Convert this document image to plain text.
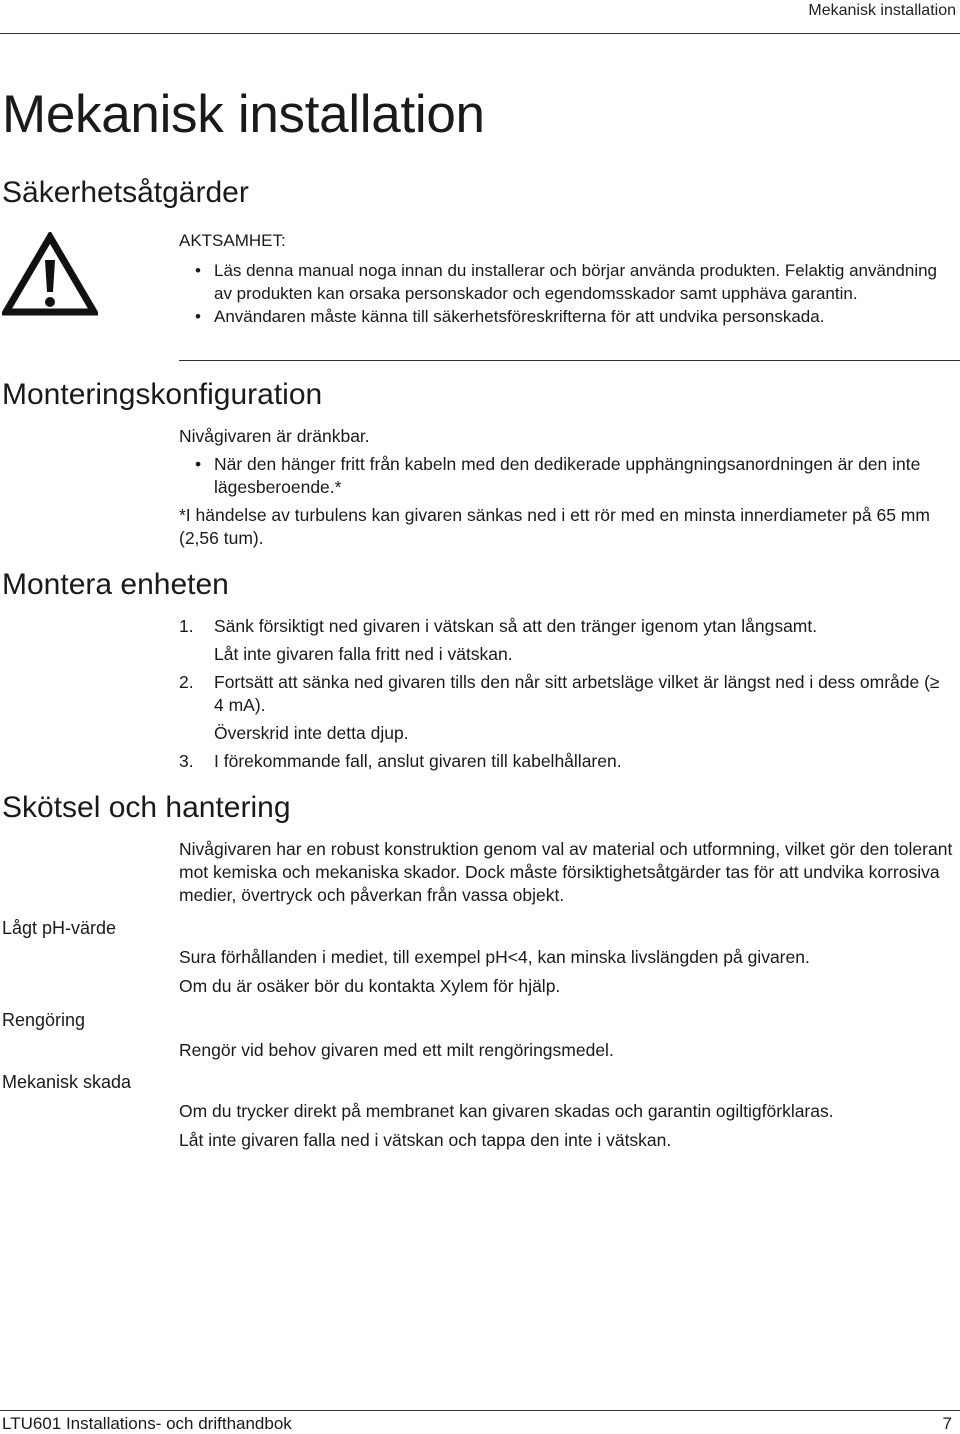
Mekanisk installation
Mekanisk installation
Säkerhetsåtgärder
AKTSAMHET:
• Läs denna manual noga innan du installerar och börjar använda produkten. Felaktig användning av produkten kan orsaka personskador och egendomsskador samt upphäva garantin.
• Användaren måste känna till säkerhetsföreskrifterna för att undvika personskada.
Monteringskonfiguration
Nivågivaren är dränkbar.
• När den hänger fritt från kabeln med den dedikerade upphängningsanordningen är den inte lägesberoende.*
*I händelse av turbulens kan givaren sänkas ned i ett rör med en minsta innerdiameter på 65 mm (2,56 tum).
Montera enheten
1. Sänk försiktigt ned givaren i vätskan så att den tränger igenom ytan långsamt.
Låt inte givaren falla fritt ned i vätskan.
2. Fortsätt att sänka ned givaren tills den når sitt arbetsläge vilket är längst ned i dess område (≥ 4 mA).
Överskrid inte detta djup.
3. I förekommande fall, anslut givaren till kabelhållaren.
Skötsel och hantering
Nivågivaren har en robust konstruktion genom val av material och utformning, vilket gör den tolerant mot kemiska och mekaniska skador. Dock måste försiktighetsåtgärder tas för att undvika korrosiva medier, övertryck och påverkan från vassa objekt.
Lågt pH-värde
Sura förhållanden i mediet, till exempel pH<4, kan minska livslängden på givaren.
Om du är osäker bör du kontakta Xylem för hjälp.
Rengöring
Rengör vid behov givaren med ett milt rengöringsmedel.
Mekanisk skada
Om du trycker direkt på membranet kan givaren skadas och garantin ogiltigförklaras.
Låt inte givaren falla ned i vätskan och tappa den inte i vätskan.
LTU601 Installations- och drifthandbok	7
